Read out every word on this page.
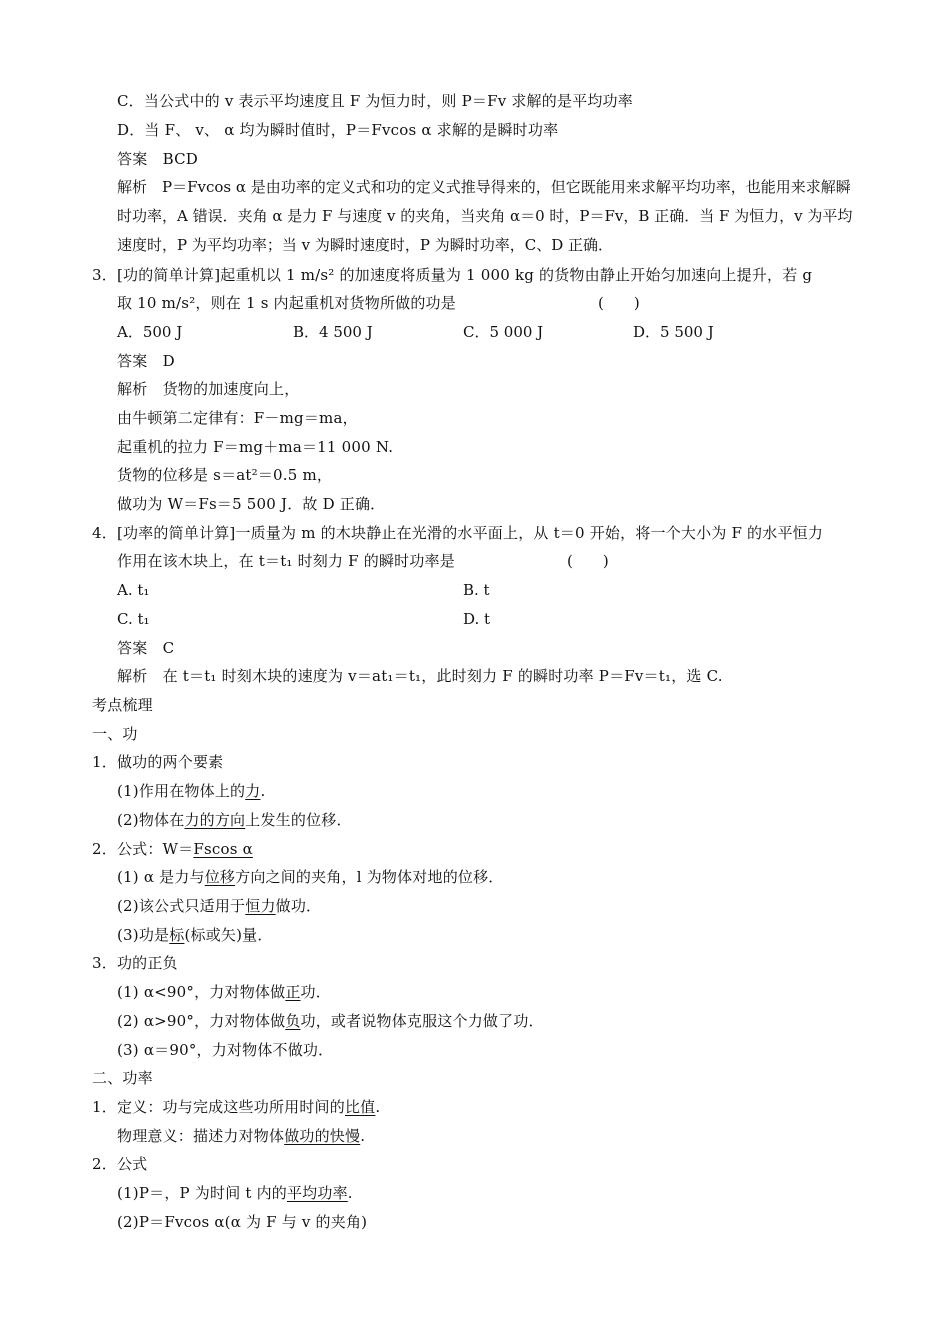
C．当公式中的 v 表示平均速度且 F 为恒力时，则 P＝Fv 求解的是平均功率
D．当 F、 v、 α 均为瞬时值时，P＝Fvcos α 求解的是瞬时功率
答案　BCD
解析　P＝Fvcos α 是由功率的定义式和功的定义式推导得来的，但它既能用来求解平均功率，也能用来求解瞬时功率，A 错误．夹角 α 是力 F 与速度 v 的夹角，当夹角 α＝0 时，P＝Fv，B 正确．当 F 为恒力，v 为平均速度时，P 为平均功率；当 v 为瞬时速度时，P 为瞬时功率，C、D 正确．
3．[功的简单计算]起重机以 1 m/s² 的加速度将质量为 1 000 kg 的货物由静止开始匀加速向上提升，若 g
取 10 m/s²，则在 1 s 内起重机对货物所做的功是	(　　)
A．500 J	B．4 500 J	C．5 000 J	D．5 500 J
答案　D
解析　货物的加速度向上，
由牛顿第二定律有：F－mg＝ma，
起重机的拉力 F＝mg＋ma＝11 000 N.
货物的位移是 s＝at²＝0.5 m，
做功为 W＝Fs＝5 500 J．故 D 正确．
4．[功率的简单计算]一质量为 m 的木块静止在光滑的水平面上，从 t＝0 开始，将一个大小为 F 的水平恒力
作用在该木块上，在 t＝t₁ 时刻力 F 的瞬时功率是	(　　)
A. t₁	B. t
C. t₁	D. t
答案　C
解析　在 t＝t₁ 时刻木块的速度为 v＝at₁＝t₁，此时刻力 F 的瞬时功率 P＝Fv＝t₁，选 C.
考点梳理
一、功
1．做功的两个要素
(1)作用在物体上的力.
(2)物体在力的方向上发生的位移．
2．公式：W＝Fscos α
(1) α 是力与位移方向之间的夹角，l 为物体对地的位移．
(2)该公式只适用于恒力做功．
(3)功是标(标或矢)量．
3．功的正负
(1) α<90°，力对物体做正功．
(2) α>90°，力对物体做负功，或者说物体克服这个力做了功．
(3) α＝90°，力对物体不做功．
二、功率
1．定义：功与完成这些功所用时间的比值.
物理意义：描述力对物体做功的快慢.
2．公式
(1)P＝，P 为时间 t 内的平均功率.
(2)P＝Fvcos α(α 为 F 与 v 的夹角)
